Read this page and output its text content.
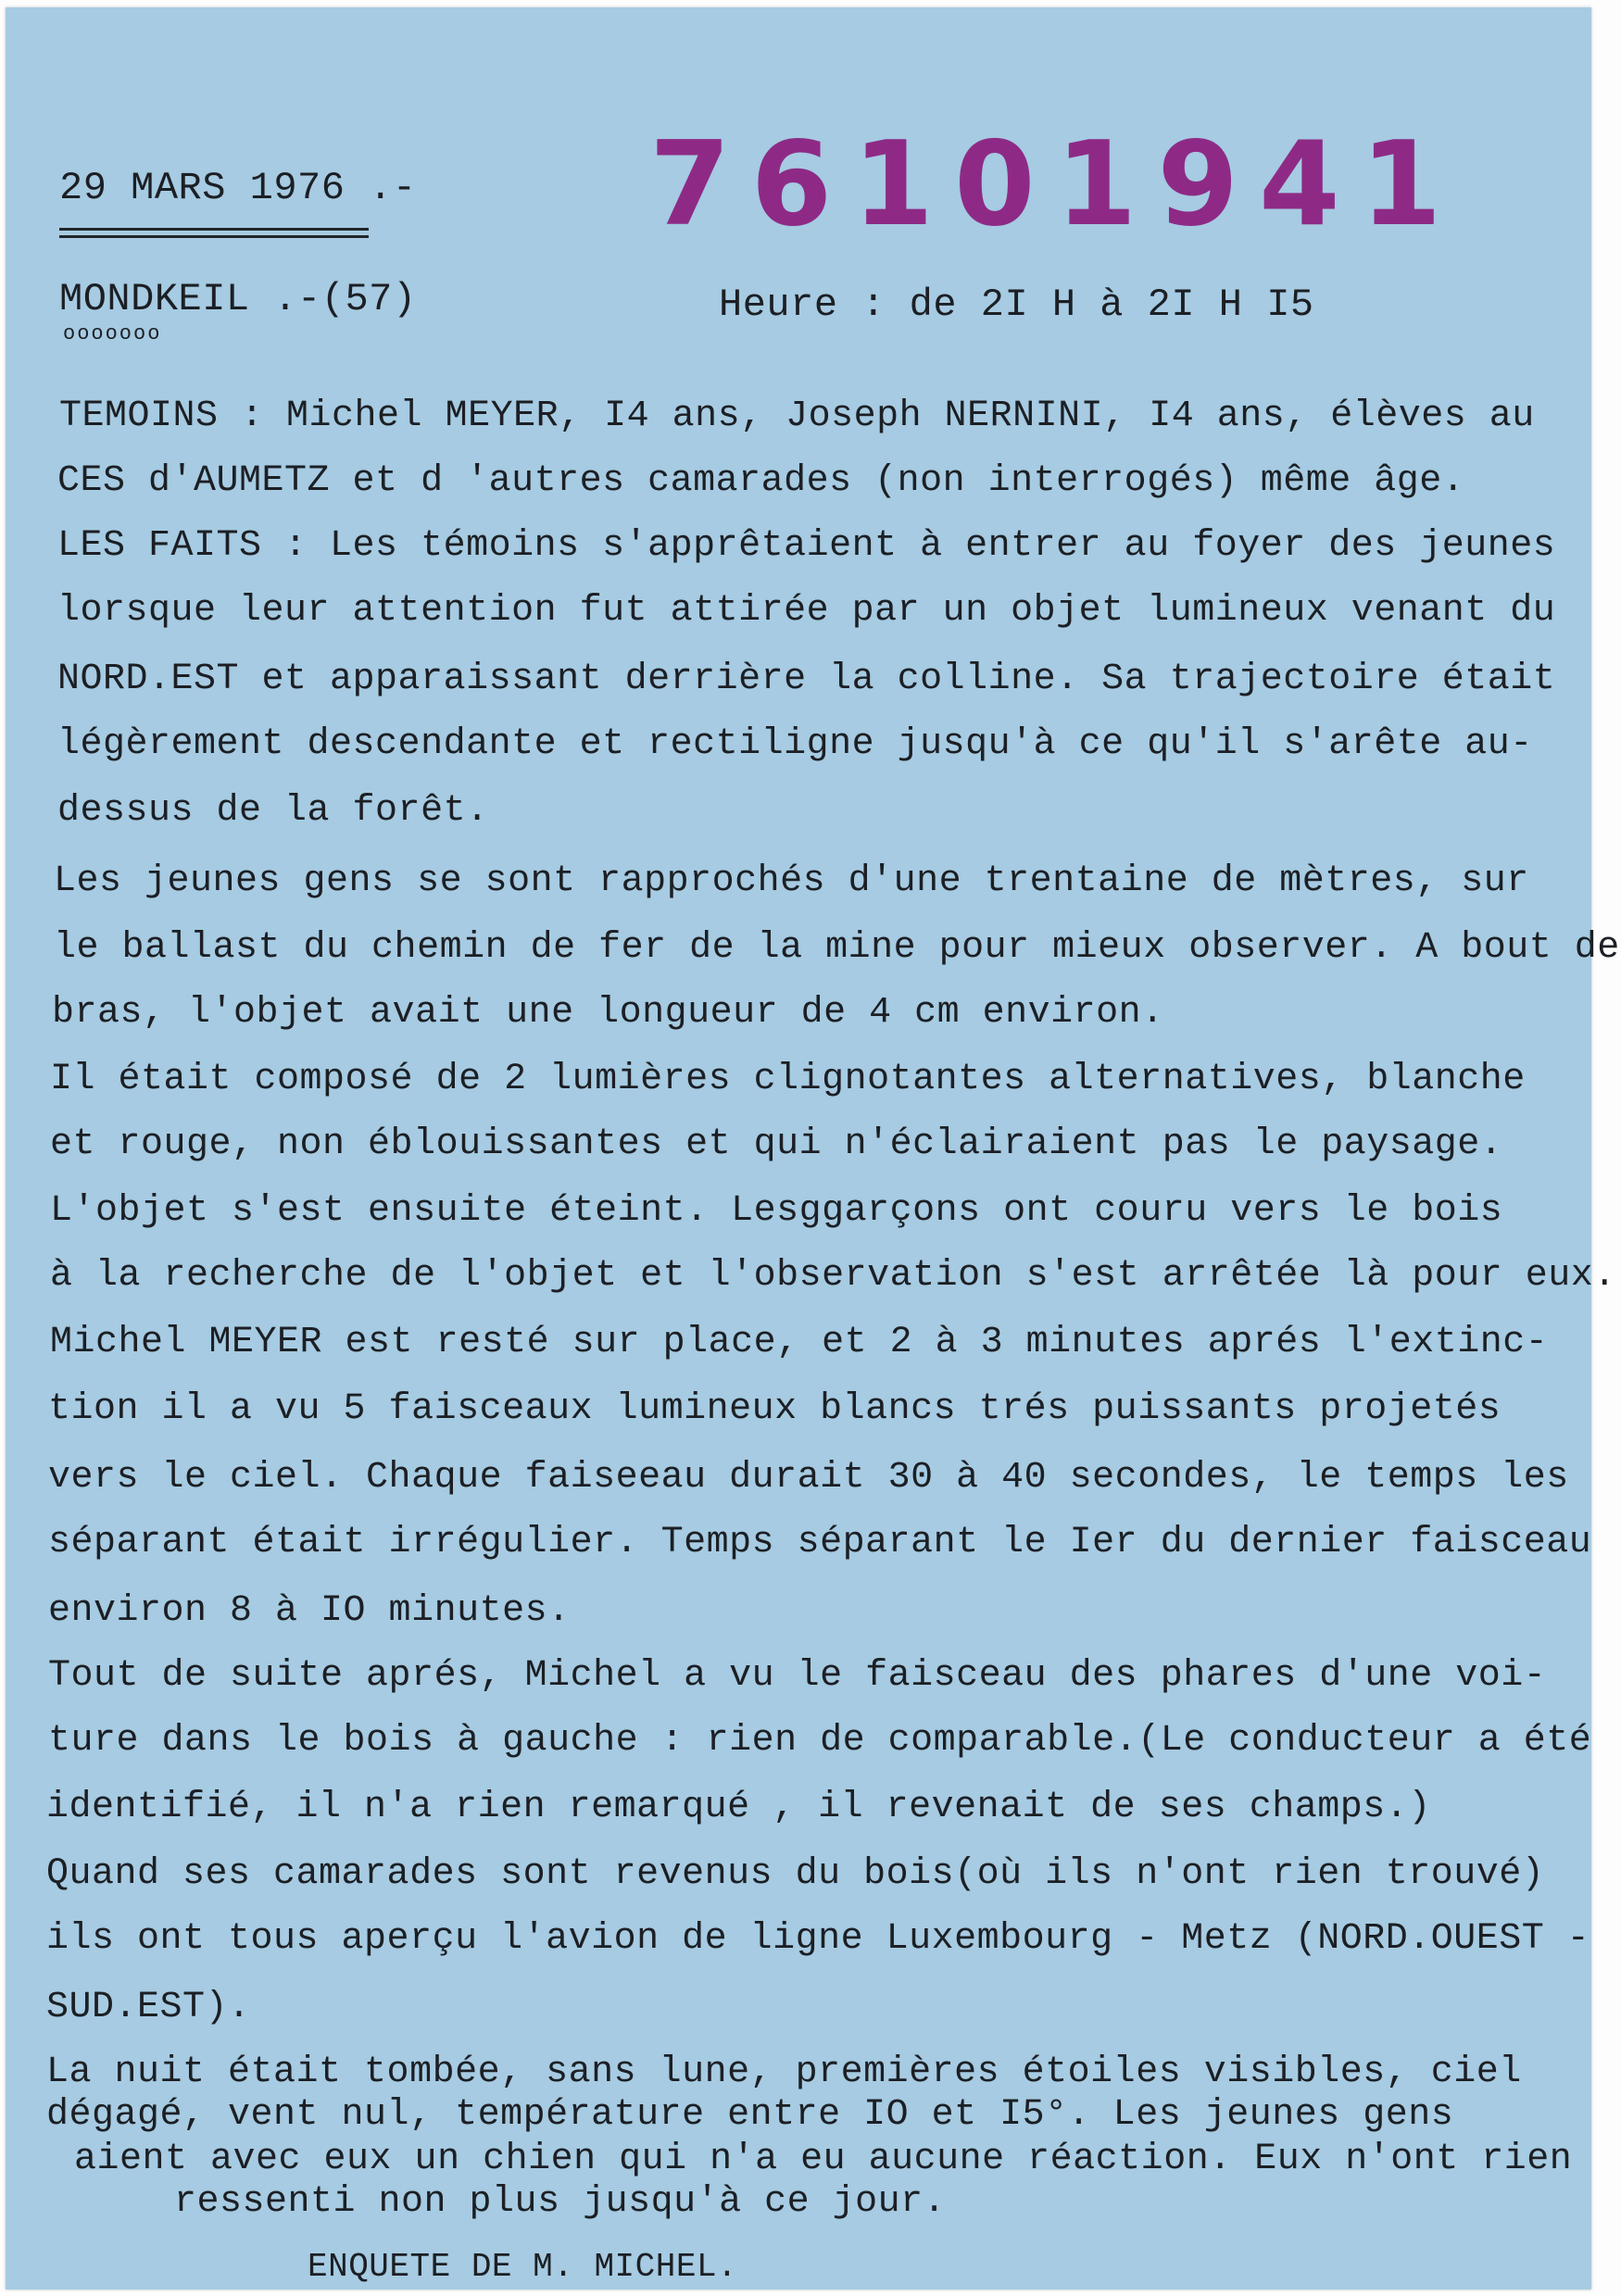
29 MARS 1976 .- 76101941
MONDKEIL .-(57)
ooooooo
Heure : de 2I H à 2I H I5
TEMOINS : Michel MEYER, I4 ans, Joseph NERNINI, I4 ans, élèves au
CES d'AUMETZ et d 'autres camarades (non interrogés) même âge.
LES FAITS : Les témoins s'apprêtaient à entrer au foyer des jeunes
lorsque leur attention fut attirée par un objet lumineux venant du
NORD.EST et apparaissant derrière la colline. Sa trajectoire était
légèrement descendante et rectiligne jusqu'à ce qu'il s'arête au-
dessus de la forêt.
Les jeunes gens se sont rapprochés d'une trentaine de mètres, sur
le ballast du chemin de fer de la mine pour mieux observer. A bout de
bras, l'objet avait une longueur de 4 cm environ.
Il était composé de 2 lumières clignotantes alternatives, blanche
et rouge, non éblouissantes et qui n'éclairaient pas le paysage.
L'objet s'est ensuite éteint. Lesggarçons ont couru vers le bois
à la recherche de l'objet et l'observation s'est arrêtée là pour eux.
Michel MEYER est resté sur place, et 2 à 3 minutes aprés l'extinc-
tion il a vu 5 faisceaux lumineux blancs trés puissants projetés
vers le ciel. Chaque faiseeau durait 30 à 40 secondes, le temps les
séparant était irrégulier. Temps séparant le Ier du dernier faisceau
environ 8 à IO minutes.
Tout de suite aprés, Michel a vu le faisceau des phares d'une voi-
ture dans le bois à gauche : rien de comparable.(Le conducteur a été
identifié, il n'a rien remarqué , il revenait de ses champs.)
Quand ses camarades sont revenus du bois(où ils n'ont rien trouvé)
ils ont tous aperçu l'avion de ligne Luxembourg - Metz (NORD.OUEST -
SUD.EST).
La nuit était tombée, sans lune, premières étoiles visibles, ciel
dégagé, vent nul, température entre IO et I5°. Les jeunes gens
aient avec eux un chien qui n'a eu aucune réaction. Eux n'ont rien
ressenti non plus jusqu'à ce jour.
ENQUETE DE M. MICHEL.
